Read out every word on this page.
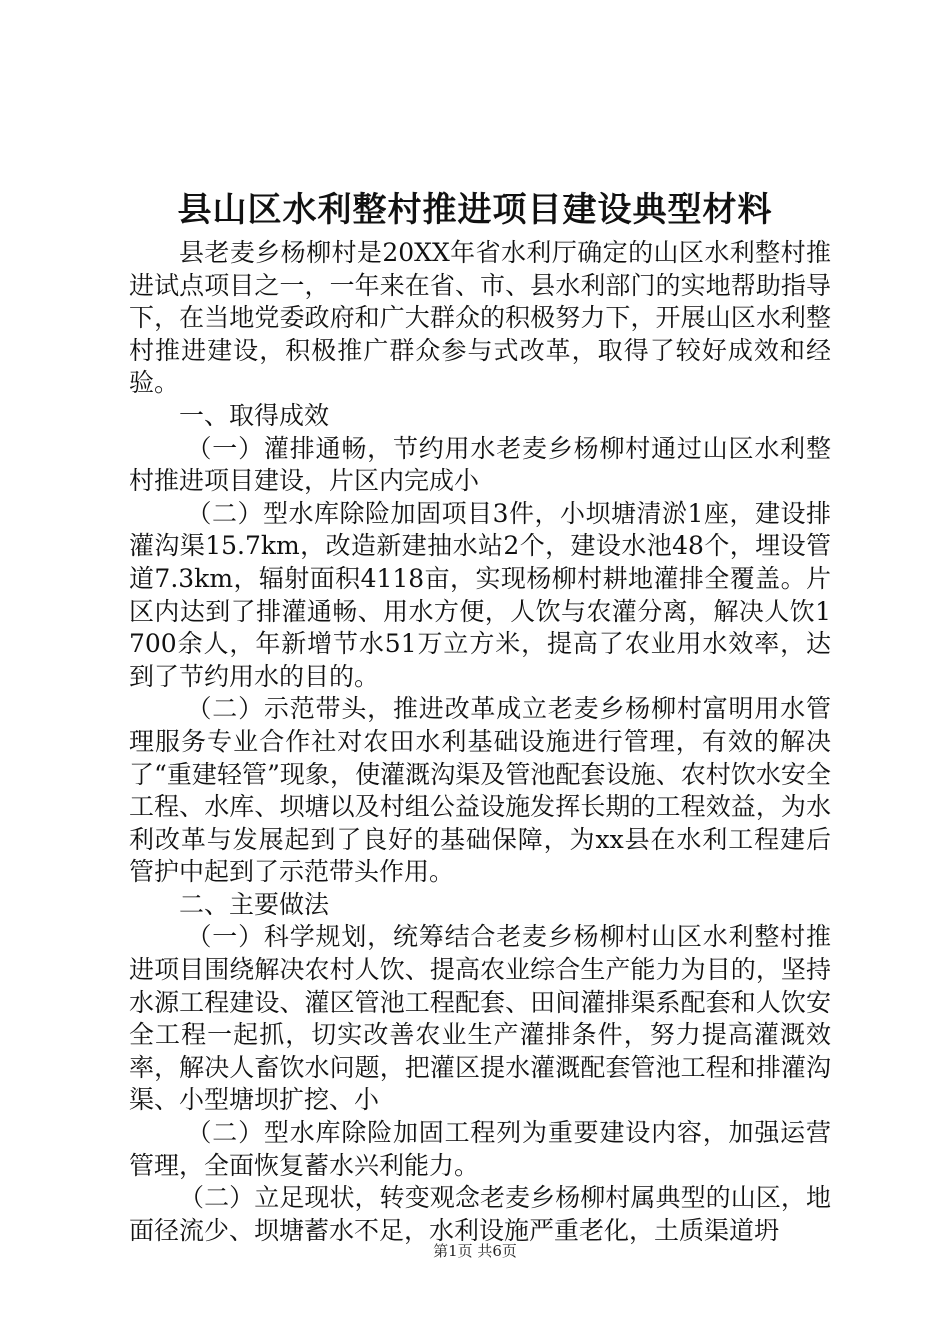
县山区水利整村推进项目建设典型材料

县老麦乡杨柳村是20XX年省水利厅确定的山区水利整村推进试点项目之一，一年来在省、市、县水利部门的实地帮助指导下，在当地党委政府和广大群众的积极努力下，开展山区水利整村推进建设，积极推广群众参与式改革，取得了较好成效和经验。

一、取得成效

（一）灌排通畅，节约用水老麦乡杨柳村通过山区水利整村推进项目建设，片区内完成小

（二）型水库除险加固项目3件，小坝塘清淤1座，建设排灌沟渠15.7km，改造新建抽水站2个，建设水池48个，埋设管道7.3km，辐射面积4118亩，实现杨柳村耕地灌排全覆盖。片区内达到了排灌通畅、用水方便，人饮与农灌分离，解决人饮1700余人，年新增节水51万立方米，提高了农业用水效率，达到了节约用水的目的。

（二）示范带头，推进改革成立老麦乡杨柳村富明用水管理服务专业合作社对农田水利基础设施进行管理，有效的解决了“重建轻管”现象，使灌溉沟渠及管池配套设施、农村饮水安全工程、水库、坝塘以及村组公益设施发挥长期的工程效益，为水利改革与发展起到了良好的基础保障，为xx县在水利工程建后管护中起到了示范带头作用。

二、主要做法

（一）科学规划，统筹结合老麦乡杨柳村山区水利整村推进项目围绕解决农村人饮、提高农业综合生产能力为目的，坚持水源工程建设、灌区管池工程配套、田间灌排渠系配套和人饮安全工程一起抓，切实改善农业生产灌排条件，努力提高灌溉效率，解决人畜饮水问题，把灌区提水灌溉配套管池工程和排灌沟渠、小型塘坝扩挖、小

（二）型水库除险加固工程列为重要建设内容，加强运营管理，全面恢复蓄水兴利能力。

（二）立足现状，转变观念老麦乡杨柳村属典型的山区，地面径流少、坝塘蓄水不足，水利设施严重老化，土质渠道坍

第1页 共6页
